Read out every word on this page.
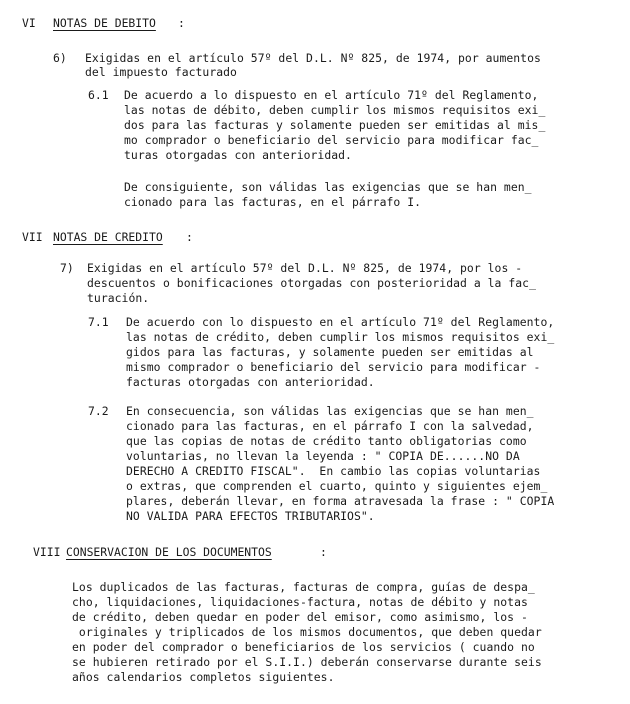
VI NOTAS DE DEBITO :
6) Exigidas en el artículo 57º del D.L. Nº 825, de 1974, por aumentos
del impuesto facturado
6.1 De acuerdo a lo dispuesto en el artículo 71º del Reglamento,
las notas de débito, deben cumplir los mismos requisitos exi_
dos para las facturas y solamente pueden ser emitidas al mis_
mo comprador o beneficiario del servicio para modificar fac_
turas otorgadas con anterioridad.
De consiguiente, son válidas las exigencias que se han men_
cionado para las facturas, en el párrafo I.
VII NOTAS DE CREDITO :
7) Exigidas en el artículo 57º del D.L. Nº 825, de 1974, por los -
descuentos o bonificaciones otorgadas con posterioridad a la fac_
turación.
7.1 De acuerdo con lo dispuesto en el artículo 71º del Reglamento,
las notas de crédito, deben cumplir los mismos requisitos exi_
gidos para las facturas, y solamente pueden ser emitidas al
mismo comprador o beneficiario del servicio para modificar -
facturas otorgadas con anterioridad.
7.2 En consecuencia, son válidas las exigencias que se han men_
cionado para las facturas, en el párrafo I con la salvedad,
que las copias de notas de crédito tanto obligatorias como
voluntarias, no llevan la leyenda : " COPIA DE......NO DA
DERECHO A CREDITO FISCAL".  En cambio las copias voluntarias
o extras, que comprenden el cuarto, quinto y siguientes ejem_
plares, deberán llevar, en forma atravesada la frase : " COPIA
NO VALIDA PARA EFECTOS TRIBUTARIOS".
VIII CONSERVACION DE LOS DOCUMENTOS	:
Los duplicados de las facturas, facturas de compra, guías de despa_
cho, liquidaciones, liquidaciones-factura, notas de débito y notas
de crédito, deben quedar en poder del emisor, como asimismo, los -
originales y triplicados de los mismos documentos, que deben quedar
en poder del comprador o beneficiarios de los servicios ( cuando no
se hubieren retirado por el S.I.I.) deberán conservarse durante seis
años calendarios completos siguientes.
